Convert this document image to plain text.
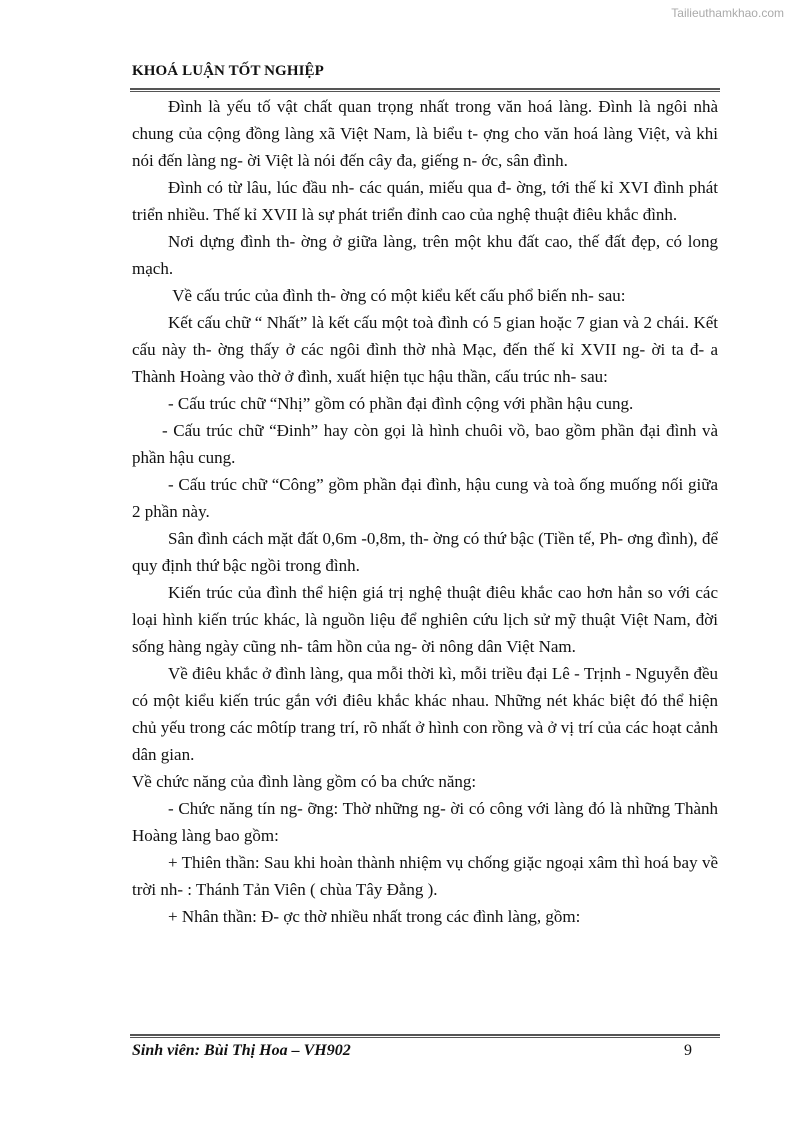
Tailieuthamkhao.com
KHOÁ LUẬN TỐT NGHIỆP

Đình là yếu tố vật chất quan trọng nhất trong văn hoá làng. Đình là ngôi nhà chung của cộng đồng làng xã Việt Nam, là biểu t- ợng cho văn hoá làng Việt, và khi nói đến làng ng- ời Việt là nói đến cây đa, giếng n- ớc, sân đình.

Đình có từ lâu, lúc đầu nh- các quán, miếu qua đ- ờng, tới thế kỉ XVI đình phát triển nhiều. Thế kỉ XVII là sự phát triển đỉnh cao của nghệ thuật điêu khắc đình.

Nơi dựng đình th- ờng ở giữa làng, trên một khu đất cao, thế đất đẹp, có long mạch.

Về cấu trúc của đình th- ờng có một kiểu kết cấu phổ biến nh- sau:

Kết cấu chữ “ Nhất” là kết cấu một toà đình có 5 gian hoặc 7 gian và 2 chái. Kết cấu này th- ờng thấy ở các ngôi đình thờ nhà Mạc, đến thế kỉ XVII ng- ời ta đ- a Thành Hoàng vào thờ ở đình, xuất hiện tục hậu thần, cấu trúc nh- sau:

- Cấu trúc chữ “Nhị” gồm có phần đại đình cộng với phần hậu cung.

- Cấu trúc chữ “Đinh” hay còn gọi là hình chuôi vồ, bao gồm phần đại đình và phần hậu cung.

- Cấu trúc chữ “Công” gồm phần đại đình, hậu cung và toà ống muống nối giữa 2 phần này.

Sân đình cách mặt đất 0,6m -0,8m, th- ờng có thứ bậc (Tiền tế, Ph- ơng đình), để quy định thứ bậc ngồi trong đình.

Kiến trúc của đình thể hiện giá trị nghệ thuật điêu khắc cao hơn hẳn so với các loại hình kiến trúc khác, là nguồn liệu để nghiên cứu lịch sử mỹ thuật Việt Nam, đời sống hàng ngày cũng nh- tâm hồn của ng- ời nông dân Việt Nam.

Về điêu khắc ở đình làng, qua mỗi thời kì, mỗi triều đại Lê - Trịnh - Nguyễn đều có một kiểu kiến trúc gắn với điêu khắc khác nhau. Những nét khác biệt đó thể hiện chủ yếu trong các môtíp trang trí, rõ nhất ở hình con rồng và ở vị trí của các hoạt cảnh dân gian.

Về chức năng của đình làng gồm có ba chức năng:

- Chức năng tín ng- ỡng: Thờ những ng- ời có công với làng đó là những Thành Hoàng làng bao gồm:

+ Thiên thần: Sau khi hoàn thành nhiệm vụ chống giặc ngoại xâm thì hoá bay về trời nh- : Thánh Tản Viên ( chùa Tây Đằng ).

+ Nhân thần: Đ- ợc thờ nhiều nhất trong các đình làng, gồm:

Sinh viên: Bùi Thị Hoa – VH902	9
